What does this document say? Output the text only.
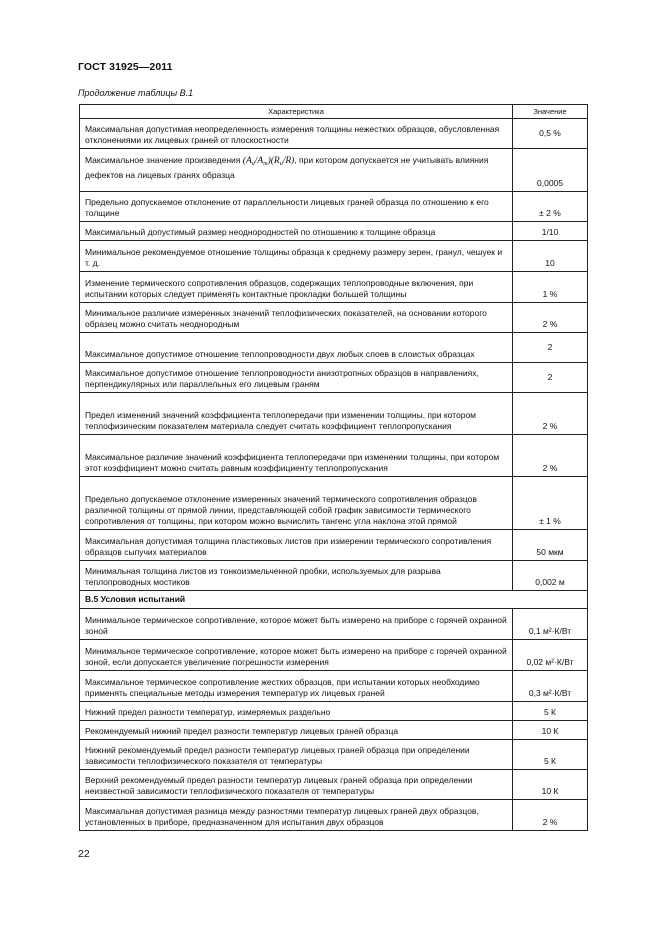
ГОСТ 31925—2011
Продолжение таблицы В.1
Характеристика	Значение
Максимальная допустимая неопределенность измерения толщины нежестких образцов, обусловленная отклонениями их лицевых граней от плоскостности	0,5 %
Максимальное значение произведения $(A_u/A_m)(R_u/R)$, при котором допускается не учитывать влияния дефектов на лицевых гранях образца	0,0005
Предельно допускаемое отклонение от параллельности лицевых граней образца по отношению к его толщине	± 2 %
Максимальный допустимый размер неоднородностей по отношению к толщине образца	1/10
Минимальное рекомендуемое отношение толщины образца к среднему размеру зерен, гранул, чешуек и т. д.	10
Изменение термического сопротивления образцов, содержащих теплопроводные включения, при испытании которых следует применять контактные прокладки большей толщины	1 %
Минимальное различие измеренных значений теплофизических показателей, на основании которого образец можно считать неоднородным	2 %
Максимальное допустимое отношение теплопроводности двух любых слоев в слоистых образцах	2
Максимальное допустимое отношение теплопроводности анизотропных образцов в направлениях, перпендикулярных или параллельных его лицевым граням	2
Предел изменений значений коэффициента теплопередачи при изменении толщины, при котором теплофизическим показателем материала следует считать коэффициент теплопропускания	2 %
Максимальное различие значений коэффициента теплопередачи при изменении толщины, при котором этот коэффициент можно считать равным коэффициенту теплопропускания	2 %
Предельно допускаемое отклонение измеренных значений термического сопротивления образцов различной толщины от прямой линии, представляющей собой график зависимости термического сопротивления от толщины, при котором можно вычислить тангенс угла наклона этой прямой	± 1 %
Максимальная допустимая толщина пластиковых листов при измерении термического сопротивления образцов сыпучих материалов	50 мкм
Минимальная толщина листов из тонкоизмельченной пробки, используемых для разрыва теплопроводных мостиков	0,002 м
В.5 Условия испытаний	
Минимальное термическое сопротивление, которое может быть измерено на приборе с горячей охранной зоной	0,1 м²·К/Вт
Минимальное термическое сопротивление, которое может быть измерено на приборе с горячей охранной зоной, если допускается увеличение погрешности измерения	0,02 м²·К/Вт
Максимальное термическое сопротивление жестких образцов, при испытании которых необходимо применять специальные методы измерения температур их лицевых граней	0,3 м²·К/Вт
Нижний предел разности температур, измеряемых раздельно	5 К
Рекомендуемый нижний предел разности температур лицевых граней образца	10 К
Нижний рекомендуемый предел разности температур лицевых граней образца при определении зависимости теплофизического показателя от температуры	5 К
Верхний рекомендуемый предел разности температур лицевых граней образца при определении неизвестной зависимости теплофизического показателя от температуры	10 К
Максимальная допустимая разница между разностями температур лицевых граней двух образцов, установленных в приборе, предназначенном для испытания двух образцов	2 %
22
